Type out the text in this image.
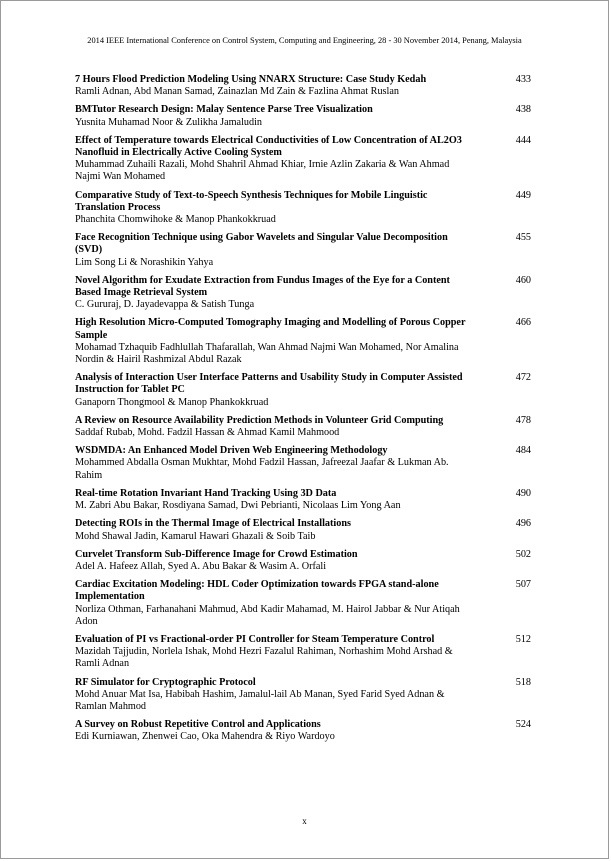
2014 IEEE International Conference on Control System, Computing and Engineering, 28 - 30 November 2014, Penang, Malaysia
7 Hours Flood Prediction Modeling Using NNARX Structure: Case Study Kedah
Ramli Adnan, Abd Manan Samad, Zainazlan Md Zain & Fazlina Ahmat Ruslan
433
BMTutor Research Design: Malay Sentence Parse Tree Visualization
Yusnita Muhamad Noor & Zulikha Jamaludin
438
Effect of Temperature towards Electrical Conductivities of Low Concentration of AL2O3 Nanofluid in Electrically Active Cooling System
Muhammad Zuhaili Razali, Mohd Shahril Ahmad Khiar, Irnie Azlin Zakaria & Wan Ahmad Najmi Wan Mohamed
444
Comparative Study of Text-to-Speech Synthesis Techniques for Mobile Linguistic Translation Process
Phanchita Chomwihoke & Manop Phankokkruad
449
Face Recognition Technique using Gabor Wavelets and Singular Value Decomposition (SVD)
Lim Song Li & Norashikin Yahya
455
Novel Algorithm for Exudate Extraction from Fundus Images of the Eye for a Content Based Image Retrieval System
C. Gururaj, D. Jayadevappa & Satish Tunga
460
High Resolution Micro-Computed Tomography Imaging and Modelling of Porous Copper Sample
Mohamad Tzhaquib Fadhlullah Thafarallah, Wan Ahmad Najmi Wan Mohamed, Nor Amalina Nordin & Hairil Rashmizal Abdul Razak
466
Analysis of Interaction User Interface Patterns and Usability Study in Computer Assisted Instruction for Tablet PC
Ganaporn Thongmool & Manop Phankokkruad
472
A Review on Resource Availability Prediction Methods in Volunteer Grid Computing
Saddaf Rubab, Mohd. Fadzil Hassan & Ahmad Kamil Mahmood
478
WSDMDA: An Enhanced Model Driven Web Engineering Methodology
Mohammed Abdalla Osman Mukhtar, Mohd Fadzil Hassan, Jafreezal Jaafar & Lukman Ab. Rahim
484
Real-time Rotation Invariant Hand Tracking Using 3D Data
M. Zabri Abu Bakar, Rosdiyana Samad, Dwi Pebrianti, Nicolaas Lim Yong Aan
490
Detecting ROIs in the Thermal Image of Electrical Installations
Mohd Shawal Jadin, Kamarul Hawari Ghazali & Soib Taib
496
Curvelet Transform Sub-Difference Image for Crowd Estimation
Adel A. Hafeez Allah, Syed A. Abu Bakar & Wasim A. Orfali
502
Cardiac Excitation Modeling: HDL Coder Optimization towards FPGA stand-alone Implementation
Norliza Othman, Farhanahani Mahmud, Abd Kadir Mahamad, M. Hairol Jabbar & Nur Atiqah Adon
507
Evaluation of PI vs Fractional-order PI Controller for Steam Temperature Control
Mazidah Tajjudin, Norlela Ishak, Mohd Hezri Fazalul Rahiman, Norhashim Mohd Arshad & Ramli Adnan
512
RF Simulator for Cryptographic Protocol
Mohd Anuar Mat Isa, Habibah Hashim, Jamalul-lail Ab Manan, Syed Farid Syed Adnan & Ramlan Mahmod
518
A Survey on Robust Repetitive Control and Applications
Edi Kurniawan, Zhenwei Cao, Oka Mahendra & Riyo Wardoyo
524
x
